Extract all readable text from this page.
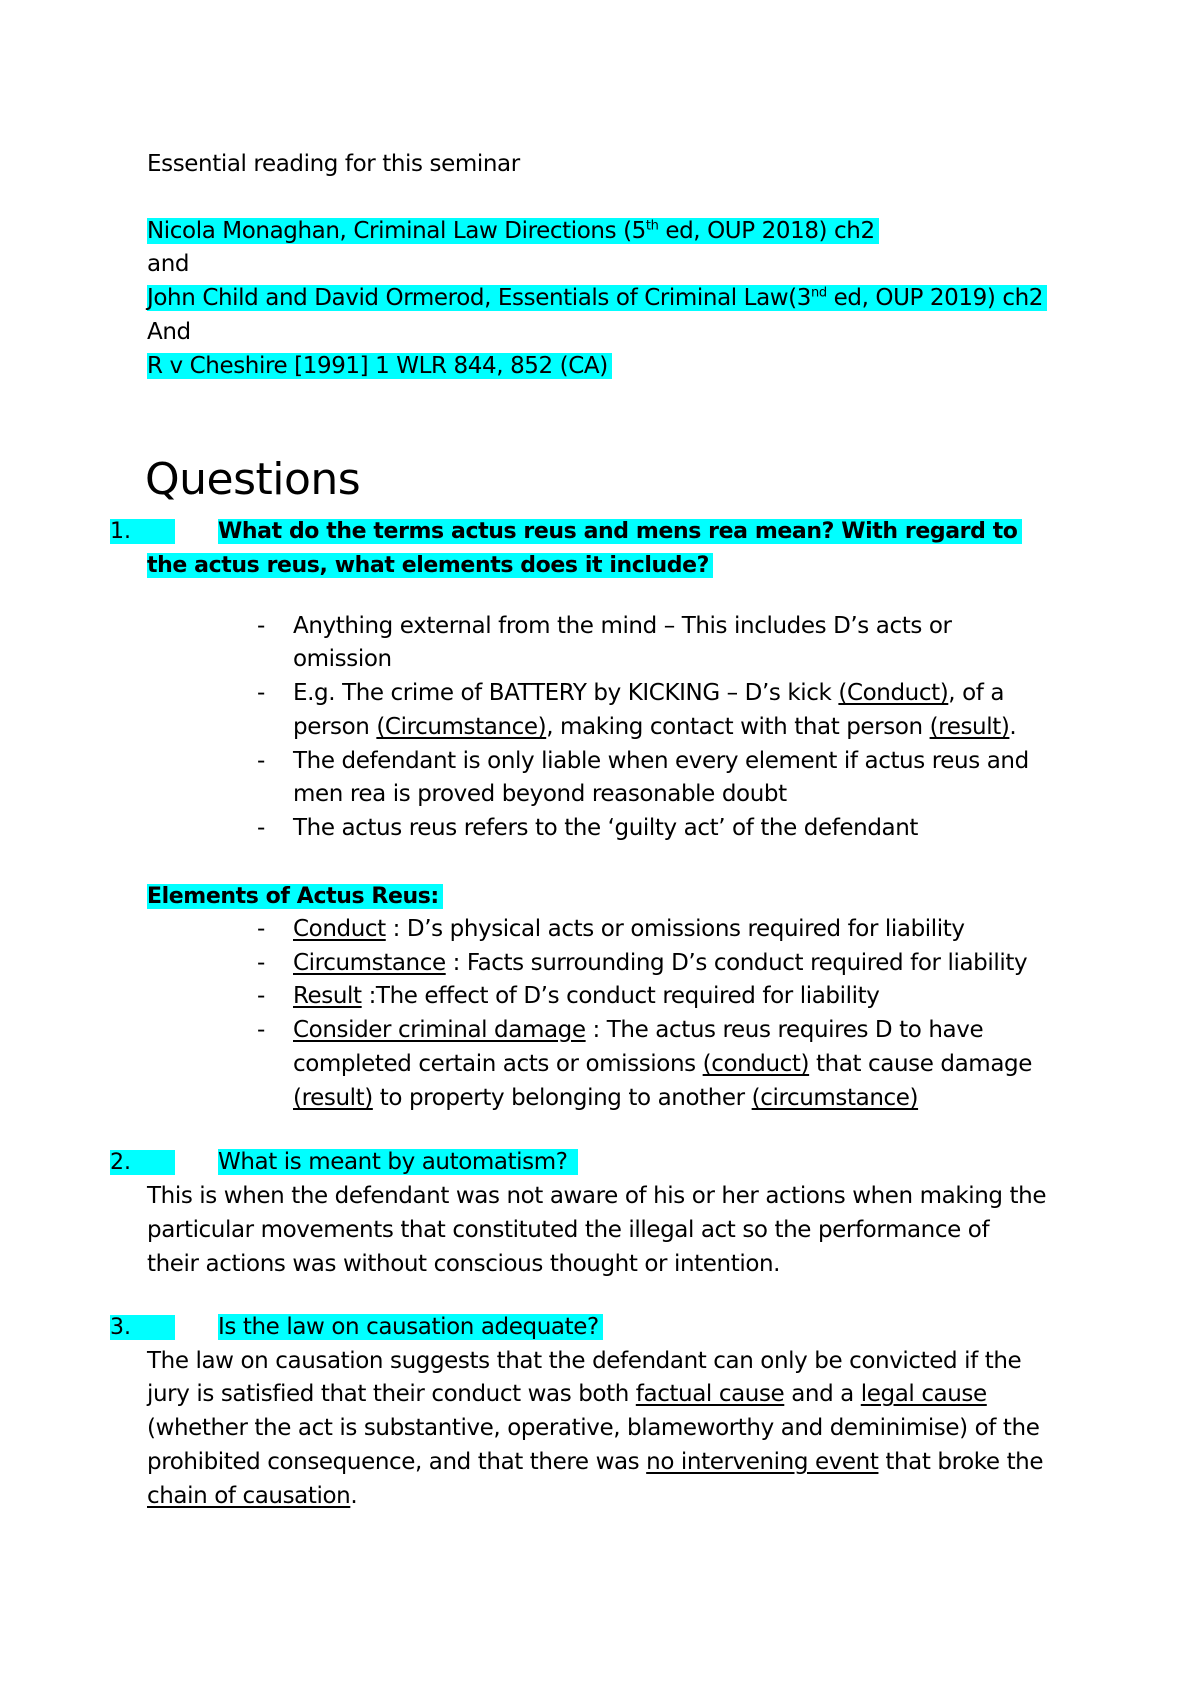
Essential reading for this seminar
Nicola Monaghan, Criminal Law Directions (5th ed, OUP 2018) ch2
and
John Child and David Ormerod, Essentials of Criminal Law(3nd ed, OUP 2019) ch2
And
R v Cheshire [1991] 1 WLR 844, 852 (CA)
Questions
1.	What do the terms actus reus and mens rea mean? With regard to
the actus reus, what elements does it include?
- Anything external from the mind – This includes D’s acts or
omission
- E.g. The crime of BATTERY by KICKING – D’s kick (Conduct), of a
person (Circumstance), making contact with that person (result).
- The defendant is only liable when every element if actus reus and
men rea is proved beyond reasonable doubt
- The actus reus refers to the ‘guilty act’ of the defendant
Elements of Actus Reus:
- Conduct : D’s physical acts or omissions required for liability
- Circumstance : Facts surrounding D’s conduct required for liability
- Result :The effect of D’s conduct required for liability
- Consider criminal damage : The actus reus requires D to have
completed certain acts or omissions (conduct) that cause damage
(result) to property belonging to another (circumstance)
2.	What is meant by automatism?
This is when the defendant was not aware of his or her actions when making the
particular movements that constituted the illegal act so the performance of
their actions was without conscious thought or intention.
3.	Is the law on causation adequate?
The law on causation suggests that the defendant can only be convicted if the
jury is satisfied that their conduct was both factual cause and a legal cause
(whether the act is substantive, operative, blameworthy and deminimise) of the
prohibited consequence, and that there was no intervening event that broke the
chain of causation.
